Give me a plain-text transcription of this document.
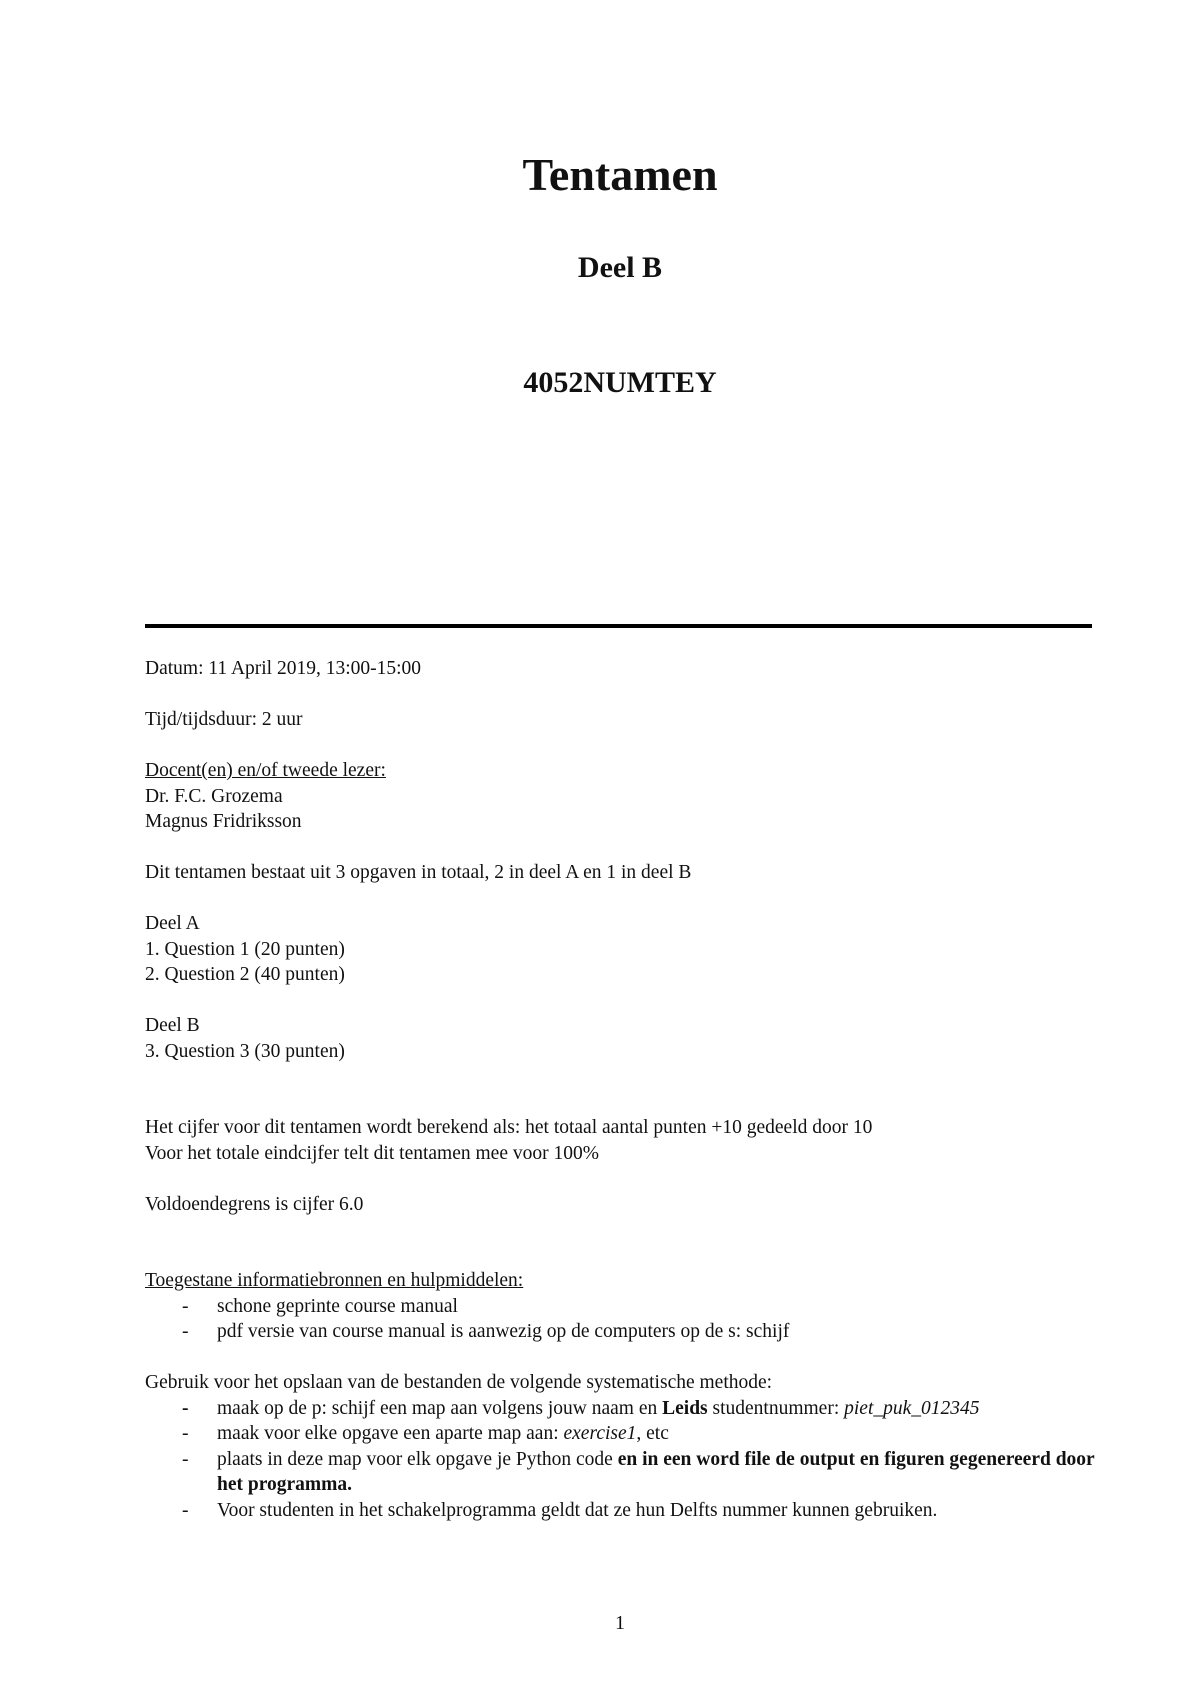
Tentamen
Deel B
4052NUMTEY
Datum: 11 April 2019, 13:00-15:00
Tijd/tijdsduur: 2 uur
Docent(en) en/of tweede lezer:
Dr. F.C. Grozema
Magnus Fridriksson
Dit tentamen bestaat uit 3 opgaven in totaal, 2 in deel A en 1 in deel B
Deel A
1. Question 1 (20 punten)
2. Question 2 (40 punten)
Deel B
3. Question 3 (30 punten)
Het cijfer voor dit tentamen wordt berekend als: het totaal aantal punten +10 gedeeld door 10
Voor het totale eindcijfer telt dit tentamen mee voor 100%
Voldoendegrens is cijfer 6.0
Toegestane informatiebronnen en hulpmiddelen:
- schone geprinte course manual
- pdf versie van course manual is aanwezig op de computers op de s: schijf
Gebruik voor het opslaan van de bestanden de volgende systematische methode:
- maak op de p: schijf een map aan volgens jouw naam en Leids studentnummer: piet_puk_012345
- maak voor elke opgave een aparte map aan: exercise1, etc
- plaats in deze map voor elk opgave je Python code en in een word file de output en figuren gegenereerd door het programma.
- Voor studenten in het schakelprogramma geldt dat ze hun Delfts nummer kunnen gebruiken.
1
